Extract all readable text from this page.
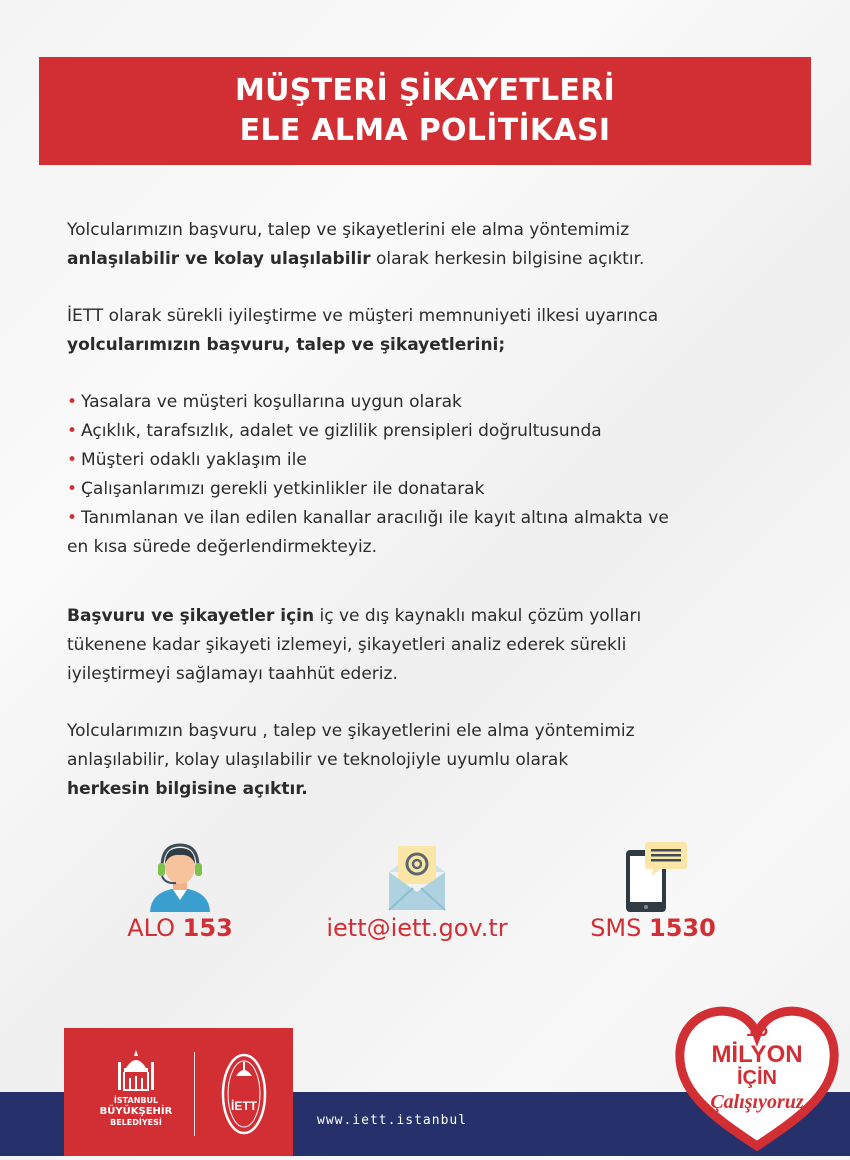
MÜŞTERİ ŞİKAYETLERİ
ELE ALMA POLİTİKASI

Yolcularımızın başvuru, talep ve şikayetlerini ele alma yöntemimiz
anlaşılabilir ve kolay ulaşılabilir olarak herkesin bilgisine açıktır.

İETT olarak sürekli iyileştirme ve müşteri memnuniyeti ilkesi uyarınca
yolcularımızın başvuru, talep ve şikayetlerini;

• Yasalara ve müşteri koşullarına uygun olarak
• Açıklık, tarafsızlık, adalet ve gizlilik prensipleri doğrultusunda
• Müşteri odaklı yaklaşım ile
• Çalışanlarımızı gerekli yetkinlikler ile donatarak
• Tanımlanan ve ilan edilen kanallar aracılığı ile kayıt altına almakta ve
en kısa sürede değerlendirmekteyiz.

Başvuru ve şikayetler için iç ve dış kaynaklı makul çözüm yolları
tükenene kadar şikayeti izlemeyi, şikayetleri analiz ederek sürekli
iyileştirmeyi sağlamayı taahhüt ederiz.

Yolcularımızın başvuru , talep ve şikayetlerini ele alma yöntemimiz
anlaşılabilir, kolay ulaşılabilir ve teknolojiyle uyumlu olarak
herkesin bilgisine açıktır.

ALO 153	iett@iett.gov.tr	SMS 1530
www.iett.istanbul
İSTANBUL
BÜYÜKŞEHİR
BELEDİYESİ
İETT
16
MİLYON
İÇİN
Çalışıyoruz
